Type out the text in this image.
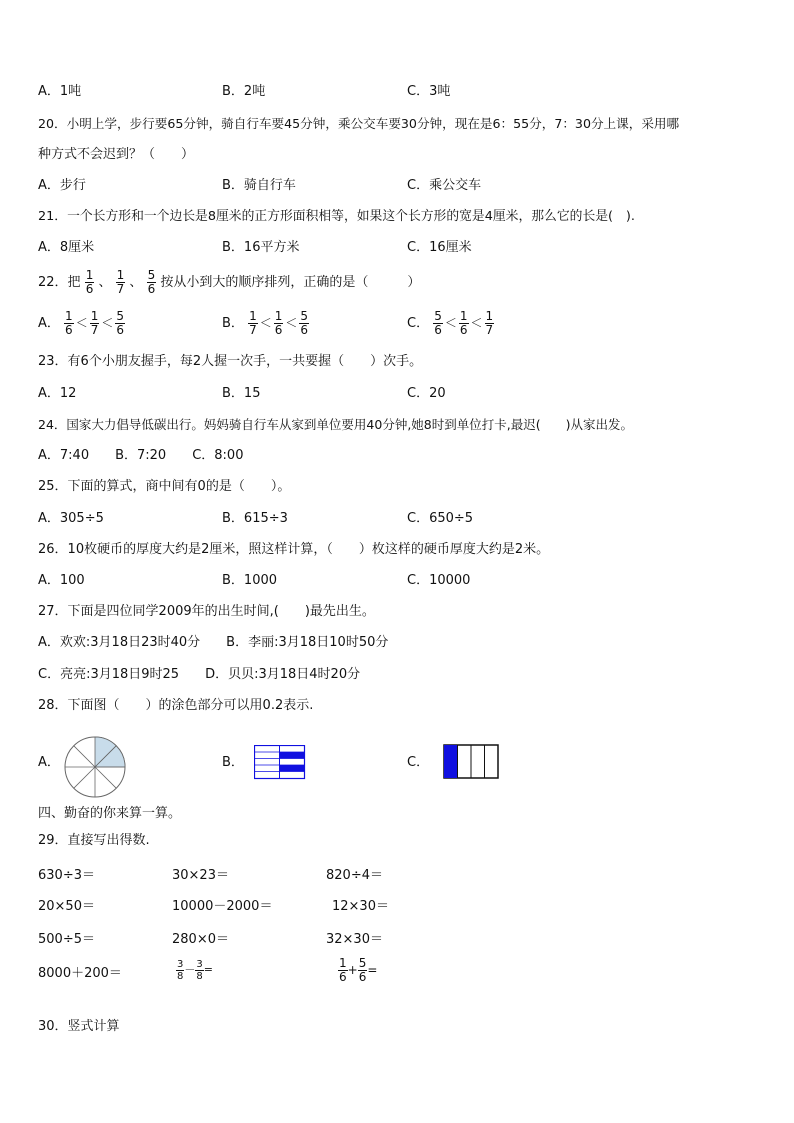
A．1吨	B．2吨	C．3吨
20．小明上学，步行要65分钟，骑自行车要45分钟，乘公交车要30分钟，现在是6：55分，7：30分上课，采用哪
种方式不会迟到？（　　）
A．步行	B．骑自行车	C．乘公交车
21．一个长方形和一个边长是8厘米的正方形面积相等，如果这个长方形的宽是4厘米，那么它的长是(　).
A．8厘米	B．16平方米	C．16厘米
22．把 $\frac{1}{6}$ 、 $\frac{1}{7}$ 、 $\frac{5}{6}$ 按从小到大的顺序排列，正确的是（　　　）
A． $\frac{1}{6} < \frac{1}{7} < \frac{5}{6}$	B． $\frac{1}{7} < \frac{1}{6} < \frac{5}{6}$	C． $\frac{5}{6} < \frac{1}{6} < \frac{1}{7}$
23．有6个小朋友握手，每2人握一次手，一共要握（　　）次手。
A．12	B．15	C．20
24．国家大力倡导低碳出行。妈妈骑自行车从家到单位要用40分钟,她8时到单位打卡,最迟(　　)从家出发。
A．7:40　　B．7:20　　C．8:00
25．下面的算式，商中间有0的是（　　）。
A．305÷5	B．615÷3	C．650÷5
26．10枚硬币的厚度大约是2厘米，照这样计算，（　　）枚这样的硬币厚度大约是2米。
A．100	B．1000	C．10000
27．下面是四位同学2009年的出生时间,(　　)最先出生。
A．欢欢:3月18日23时40分　　B．李丽:3月18日10时50分
C．亮亮:3月18日9时25　　D．贝贝:3月18日4时20分
28．下面图（　　）的涂色部分可以用0.2表示.
A．	B．	C．
四、勤奋的你来算一算。
29．直接写出得数.
630÷3＝	30×23＝	820÷4＝
20×50＝	10000－2000＝	12×30＝
500÷5＝	280×0＝	32×30＝
8000＋200＝	$\frac{3}{8} - \frac{3}{8}$ =	$\frac{1}{6} + \frac{5}{6}$ =
30．竖式计算
